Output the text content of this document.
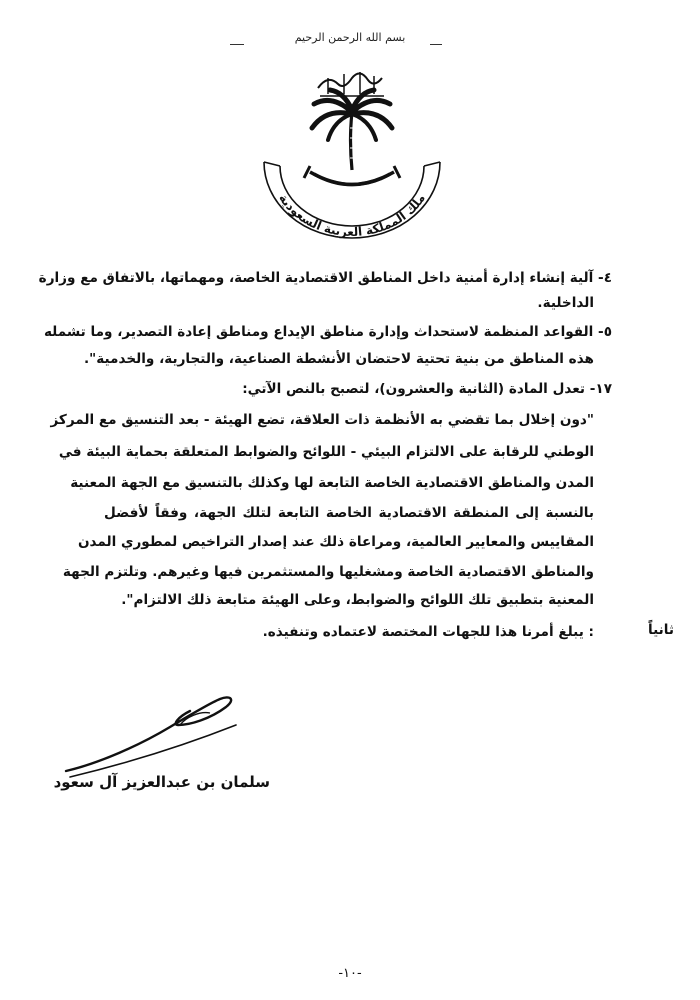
بسم الله الرحمن الرحيم
ملك المملكة العربية السعودية
لا إله إلا الله محمد رسول الله
٤- آلية إنشاء إدارة أمنية داخل المناطق الاقتصادية الخاصة، ومهماتها، بالاتفاق مع وزارة
الداخلية.
٥- القواعد المنظمة لاستحداث وإدارة مناطق الإيداع ومناطق إعادة التصدير، وما تشمله
هذه المناطق من بنية تحتية لاحتضان الأنشطة الصناعية، والتجارية، والخدمية".
١٧- تعدل المادة (الثانية والعشرون)، لتصبح بالنص الآتي:
"دون إخلال بما تقضي به الأنظمة ذات العلاقة، تضع الهيئة - بعد التنسيق مع المركز
الوطني للرقابة على الالتزام البيئي - اللوائح والضوابط المتعلقة بحماية البيئة في
المدن والمناطق الاقتصادية الخاصة التابعة لها وكذلك بالتنسيق مع الجهة المعنية
بالنسبة إلى المنطقة الاقتصادية الخاصة التابعة لتلك الجهة، وفقاً لأفضل
المقاييس والمعايير العالمية، ومراعاة ذلك عند إصدار التراخيص لمطوري المدن
والمناطق الاقتصادية الخاصة ومشغليها والمستثمرين فيها وغيرهم. وتلتزم الجهة
المعنية بتطبيق تلك اللوائح والضوابط، وعلى الهيئة متابعة ذلك الالتزام".
ثانياً
: يبلغ أمرنا هذا للجهات المختصة لاعتماده وتنفيذه.
سلمان بن عبدالعزيز آل سعود
-١٠-
